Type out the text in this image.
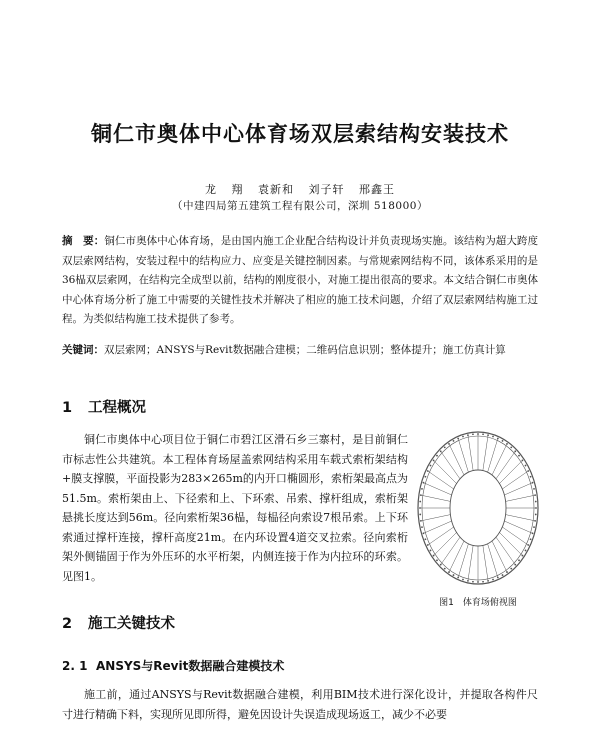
铜仁市奥体中心体育场双层索结构安装技术
龙 翔 袁新和 刘子轩 邢鑫王
（中建四局第五建筑工程有限公司，深圳 518000）
摘　要：铜仁市奥体中心体育场，是由国内施工企业配合结构设计并负责现场实施。该结构为超大跨度双层索网结构，安装过程中的结构应力、应变是关键控制因素。与常规索网结构不同，该体系采用的是36榀双层索网，在结构完全成型以前，结构的刚度很小，对施工提出很高的要求。本文结合铜仁市奥体中心体育场分析了施工中需要的关键性技术并解决了相应的施工技术问题，介绍了双层索网结构施工过程。为类似结构施工技术提供了参考。
关键词：双层索网；ANSYS与Revit数据融合建模；二维码信息识别；整体提升；施工仿真计算
1 工程概况

铜仁市奥体中心项目位于铜仁市碧江区滑石乡三寨村，是目前铜仁市标志性公共建筑。本工程体育场屋盖索网结构采用车载式索桁架结构+膜支撑膜，平面投影为283×265m的内开口椭圆形，索桁架最高点为51.5m。索桁架由上、下径索和上、下环索、吊索、撑杆组成，索桁架悬挑长度达到56m。径向索桁架36榀，每榀径向索设7根吊索。上下环索通过撑杆连接，撑杆高度21m。在内环设置4道交叉拉索。径向索桁架外侧锚固于作为外压环的水平桁架，内侧连接于作为内拉环的环索。见图1。

图1　体育场俯视图
2 施工关键技术
2. 1 ANSYS与Revit数据融合建模技术

施工前，通过ANSYS与Revit数据融合建模，利用BIM技术进行深化设计，并提取各构件尺寸进行精确下料，实现所见即所得，避免因设计失误造成现场返工，减少不必要
